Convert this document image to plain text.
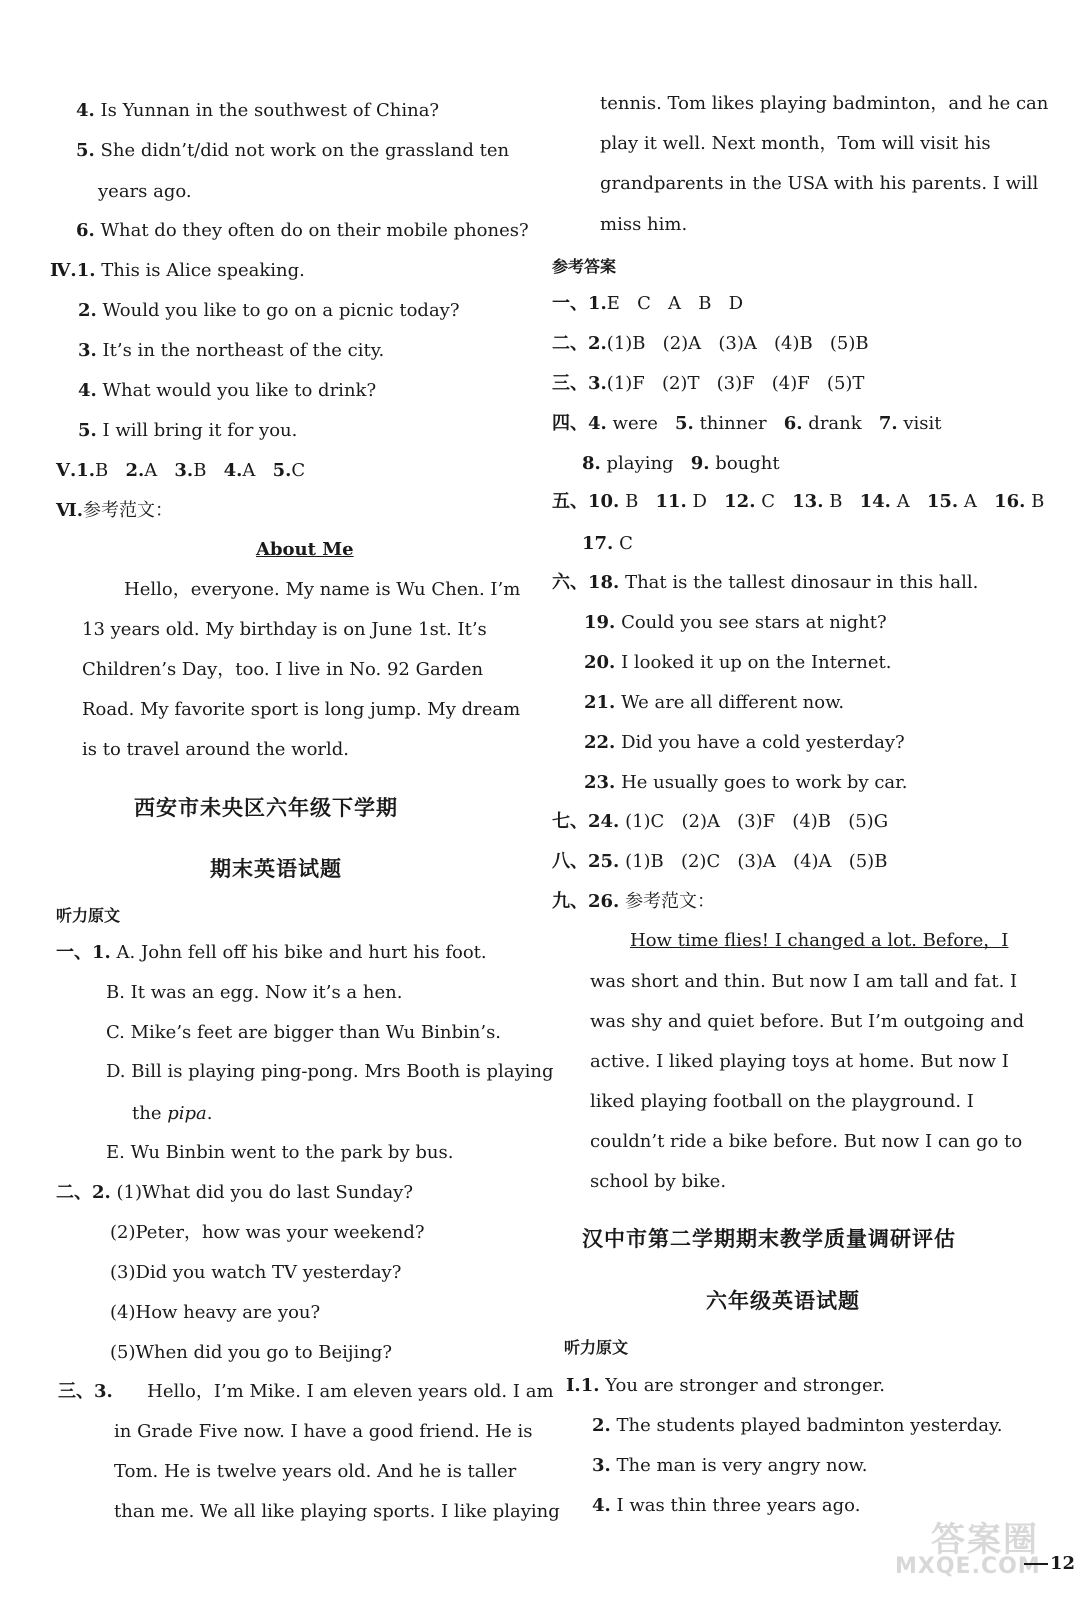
4. Is Yunnan in the southwest of China?
5. She didn’t/did not work on the grassland ten
years ago.
6. What do they often do on their mobile phones?
Ⅳ.1. This is Alice speaking.
2. Would you like to go on a picnic today?
3. It’s in the northeast of the city.
4. What would you like to drink?
5. I will bring it for you.
Ⅴ.1.B 2.A 3.B 4.A 5.C
Ⅵ.参考范文：
About Me
Hello，everyone. My name is Wu Chen. I’m
13 years old. My birthday is on June 1st. It’s
Children’s Day，too. I live in No. 92 Garden
Road. My favorite sport is long jump. My dream
is to travel around the world.
西安市未央区六年级下学期
期末英语试题
听力原文
一、1. A. John fell off his bike and hurt his foot.
B. It was an egg. Now it’s a hen.
C. Mike’s feet are bigger than Wu Binbin’s.
D. Bill is playing ping-pong. Mrs Booth is playing
the pipa.
E. Wu Binbin went to the park by bus.
二、2. (1)What did you do last Sunday?
(2)Peter，how was your weekend?
(3)Did you watch TV yesterday?
(4)How heavy are you?
(5)When did you go to Beijing?
三、3. Hello，I’m Mike. I am eleven years old. I am
in Grade Five now. I have a good friend. He is
Tom. He is twelve years old. And he is taller
than me. We all like playing sports. I like playing
tennis. Tom likes playing badminton，and he can
play it well. Next month，Tom will visit his
grandparents in the USA with his parents. I will
miss him.
参考答案
一、1.E   C   A   B   D
二、2.(1)B   (2)A   (3)A   (4)B   (5)B
三、3.(1)F   (2)T   (3)F   (4)F   (5)T
四、4. were 5. thinner 6. drank 7. visit
8. playing 9. bought
五、10. B 11. D 12. C 13. B 14. A 15. A 16. B
17. C
六、18. That is the tallest dinosaur in this hall.
19. Could you see stars at night?
20. I looked it up on the Internet.
21. We are all different now.
22. Did you have a cold yesterday?
23. He usually goes to work by car.
七、24. (1)C   (2)A   (3)F   (4)B   (5)G
八、25. (1)B   (2)C   (3)A   (4)A   (5)B
九、26. 参考范文：
How time flies! I changed a lot. Before，I
was short and thin. But now I am tall and fat. I
was shy and quiet before. But I’m outgoing and
active. I liked playing toys at home. But now I
liked playing football on the playground. I
couldn’t ride a bike before. But now I can go to
school by bike.
汉中市第二学期期末教学质量调研评估
六年级英语试题
听力原文
Ⅰ.1. You are stronger and stronger.
2. The students played badminton yesterday.
3. The man is very angry now.
4. I was thin three years ago.
答案圈
MXQE.COM 12
